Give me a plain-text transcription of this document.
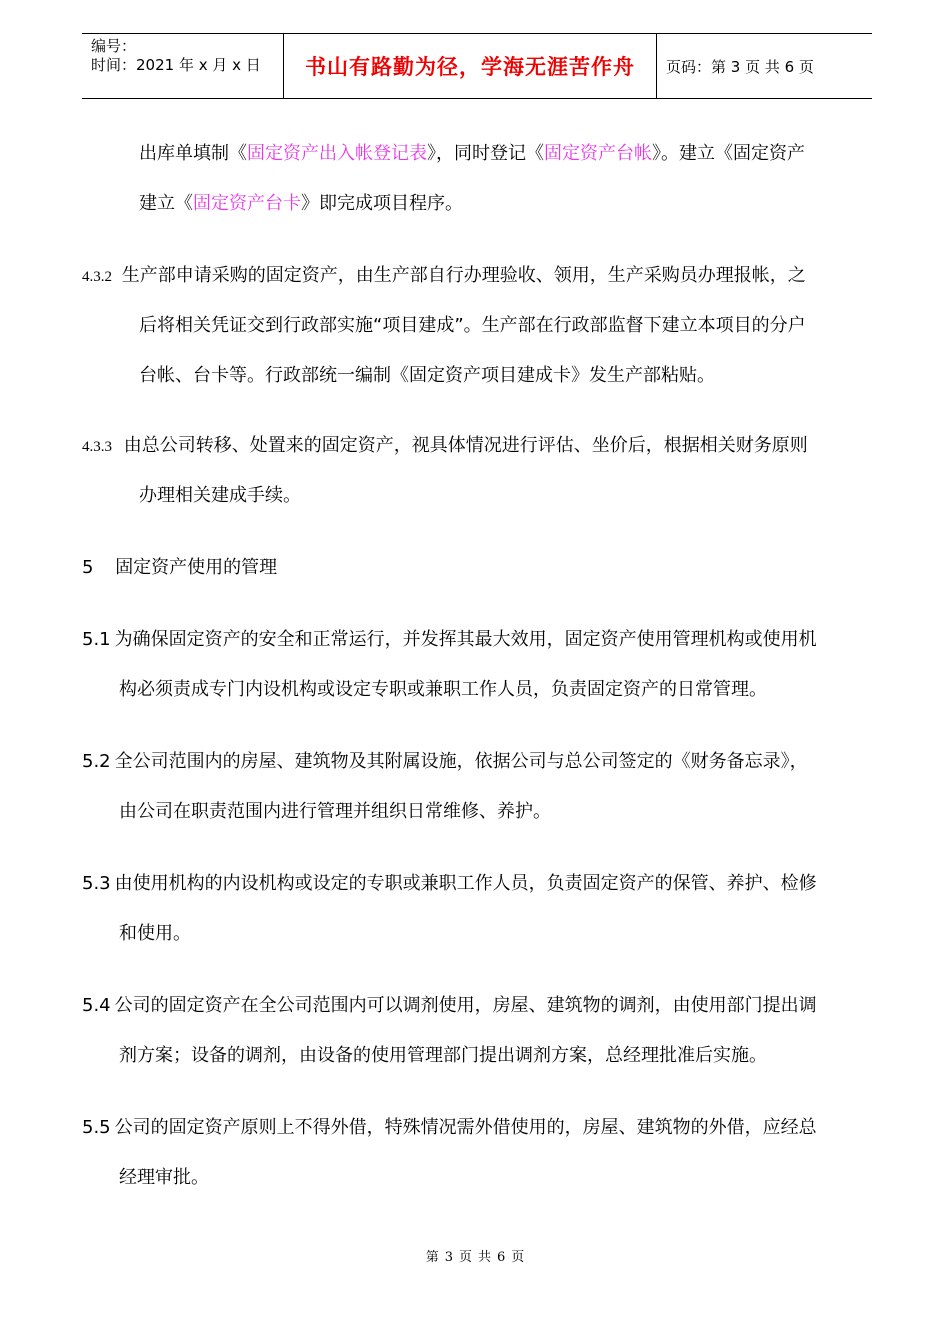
编号：
时间：2021 年 x 月 x 日	书山有路勤为径，学海无涯苦作舟 页码：第 3 页 共 6 页
出库单填制《固定资产出入帐登记表》，同时登记《固定资产台帐》。建立《固定资产
建立《固定资产台卡》即完成项目程序。
4.3.2 生产部申请采购的固定资产，由生产部自行办理验收、领用，生产采购员办理报帐，之
后将相关凭证交到行政部实施“项目建成”。生产部在行政部监督下建立本项目的分户
台帐、台卡等。行政部统一编制《固定资产项目建成卡》发生产部粘贴。
4.3.3 由总公司转移、处置来的固定资产，视具体情况进行评估、坐价后，根据相关财务原则
办理相关建成手续。
5 固定资产使用的管理
5.1 为确保固定资产的安全和正常运行，并发挥其最大效用，固定资产使用管理机构或使用机
构必须责成专门内设机构或设定专职或兼职工作人员，负责固定资产的日常管理。
5.2 全公司范围内的房屋、建筑物及其附属设施，依据公司与总公司签定的《财务备忘录》，
由公司在职责范围内进行管理并组织日常维修、养护。
5.3 由使用机构的内设机构或设定的专职或兼职工作人员，负责固定资产的保管、养护、检修
和使用。
5.4 公司的固定资产在全公司范围内可以调剂使用，房屋、建筑物的调剂，由使用部门提出调
剂方案；设备的调剂，由设备的使用管理部门提出调剂方案，总经理批准后实施。
5.5 公司的固定资产原则上不得外借，特殊情况需外借使用的，房屋、建筑物的外借，应经总
经理审批。
第 3 页 共 6 页
